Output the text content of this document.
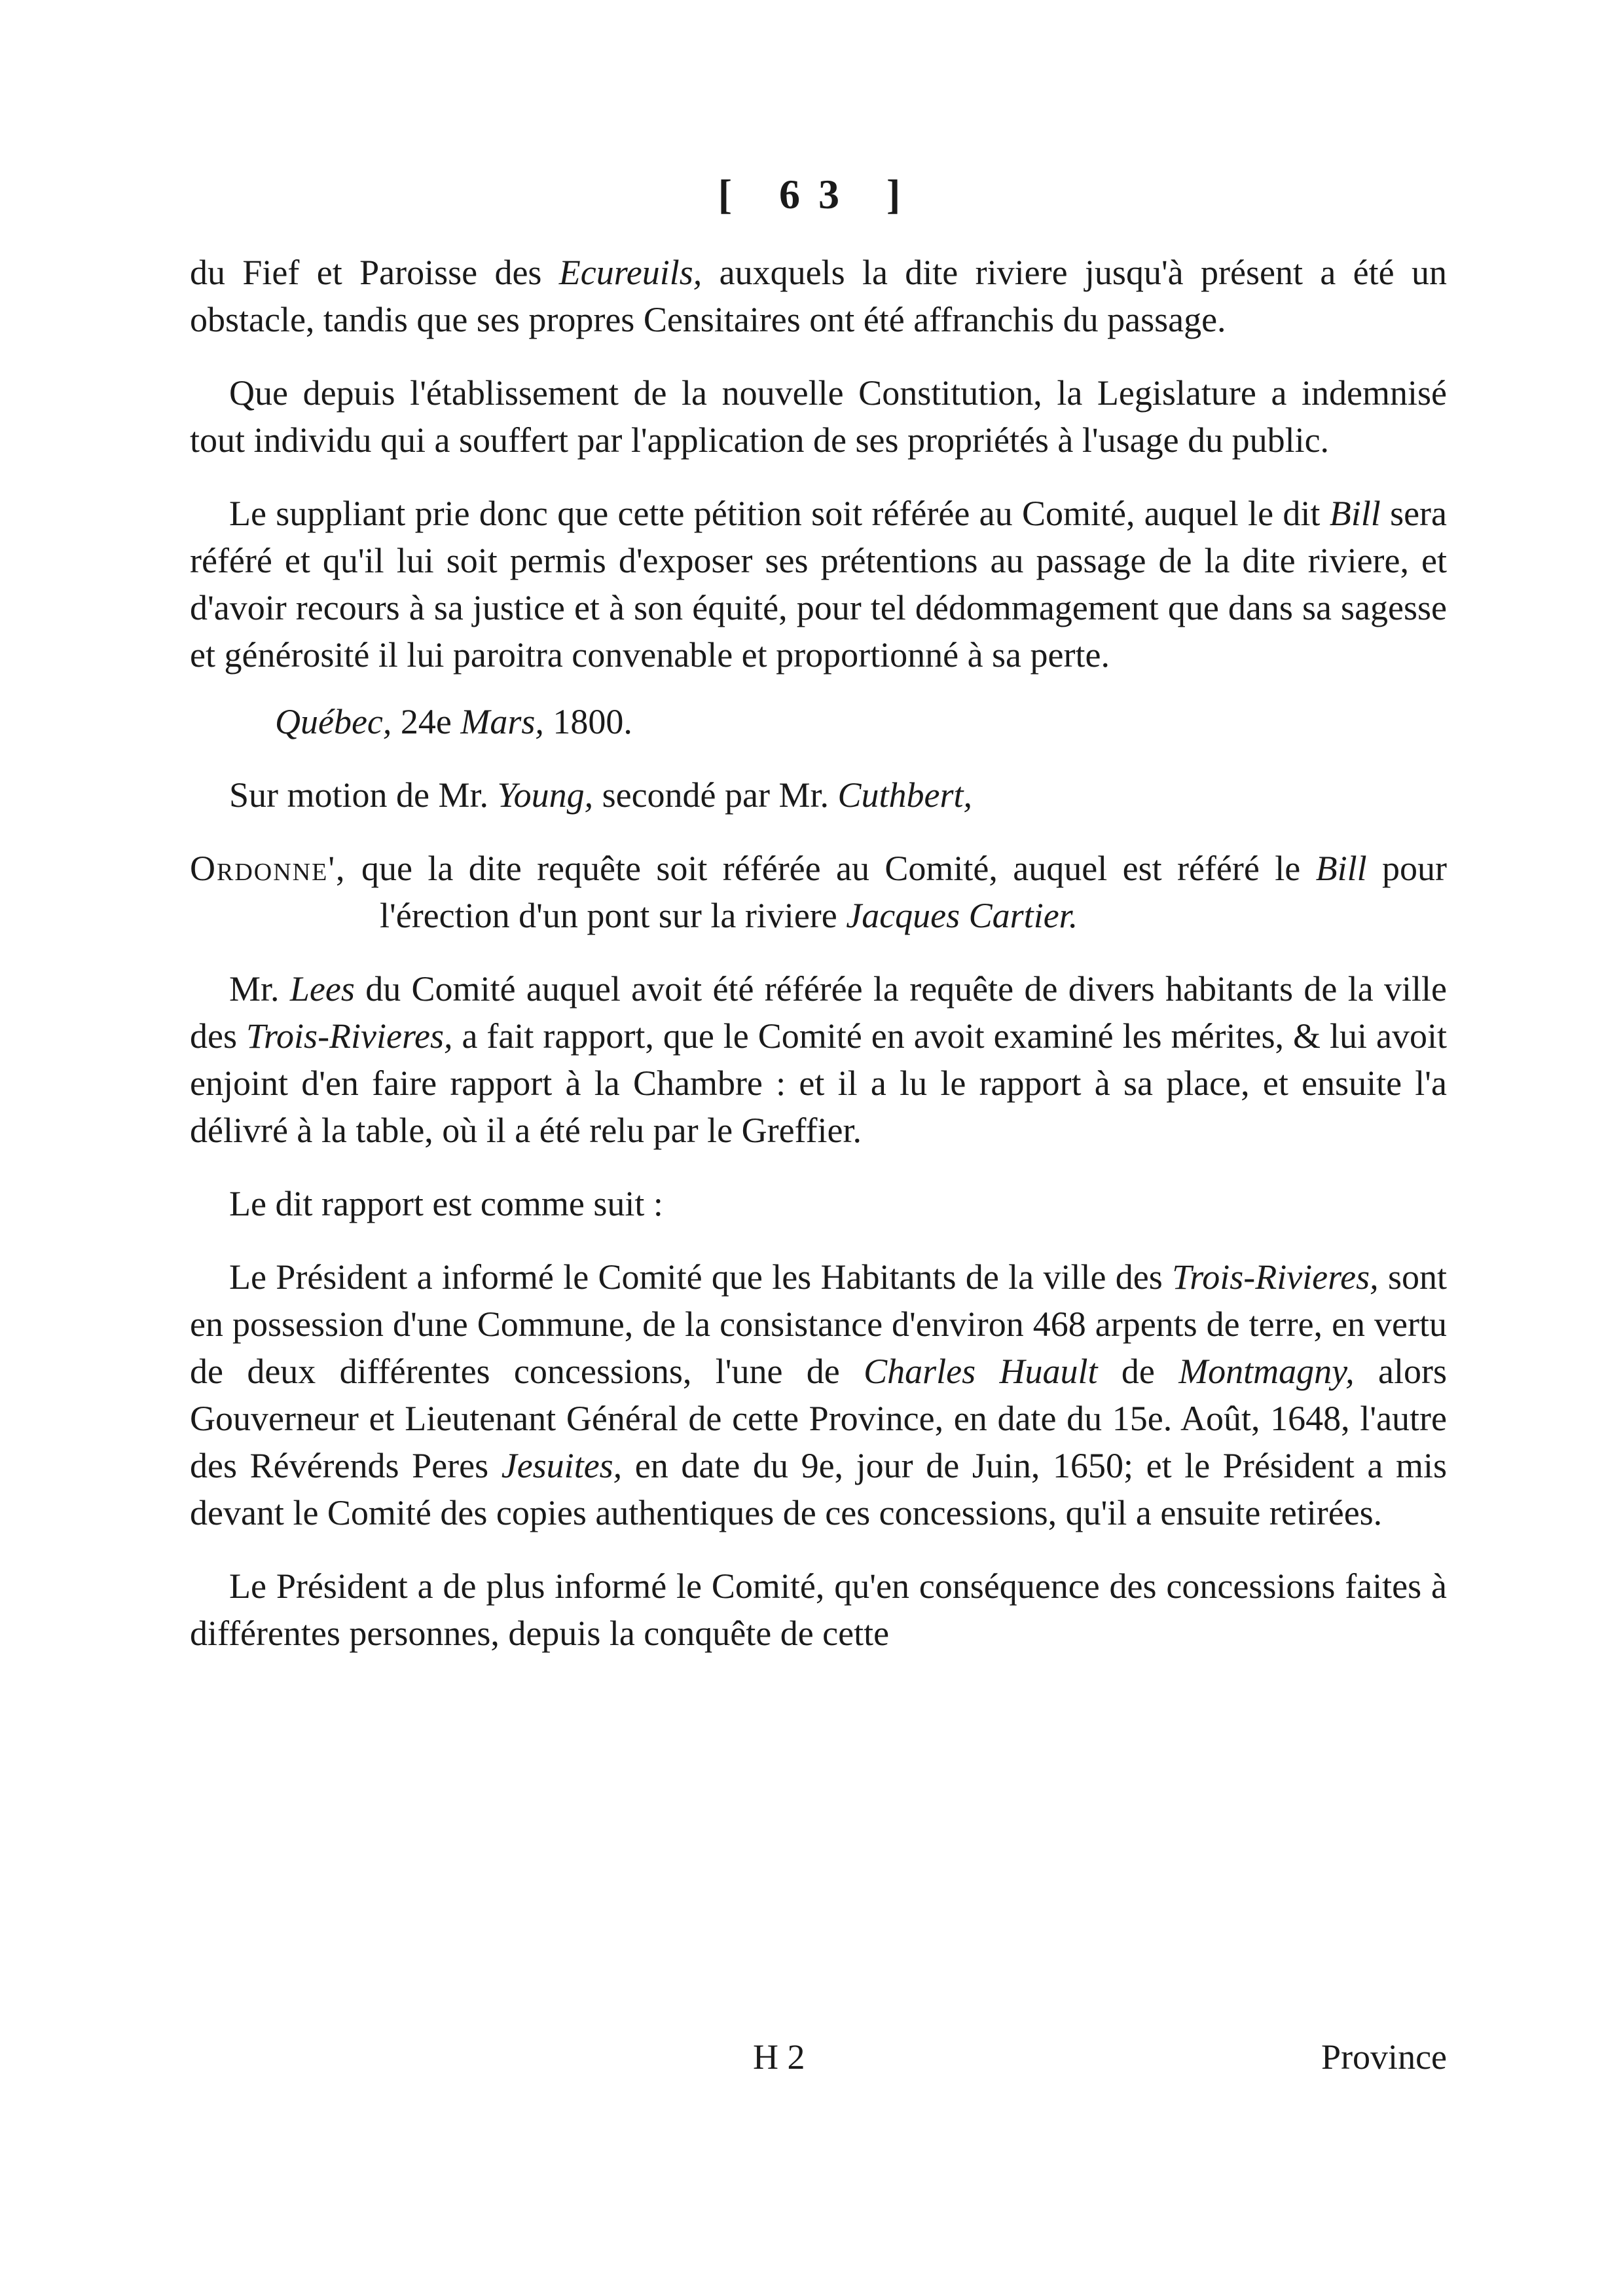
[ 63 ]

du Fief et Paroisse des Ecureuils, auxquels la dite riviere jusqu'à présent a été un obstacle, tandis que ses propres Censitaires ont été affranchis du passage.

Que depuis l'établissement de la nouvelle Constitution, la Legislature a indemnisé tout individu qui a souffert par l'application de ses propriétés à l'usage du public.

Le suppliant prie donc que cette pétition soit référée au Comité, auquel le dit Bill sera référé et qu'il lui soit permis d'exposer ses prétentions au passage de la dite riviere, et d'avoir recours à sa justice et à son équité, pour tel dédommagement que dans sa sagesse et générosité il lui paroitra convenable et proportionné à sa perte.

Québec, 24e Mars, 1800.

Sur motion de Mr. Young, secondé par Mr. Cuthbert,

Ordonne', que la dite requête soit référée au Comité, auquel est référé le Bill pour l'érection d'un pont sur la riviere Jacques Cartier.

Mr. Lees du Comité auquel avoit été référée la requête de divers habitants de la ville des Trois-Rivieres, a fait rapport, que le Comité en avoit examiné les mérites, & lui avoit enjoint d'en faire rapport à la Chambre : et il a lu le rapport à sa place, et ensuite l'a délivré à la table, où il a été relu par le Greffier.

Le dit rapport est comme suit :

Le Président a informé le Comité que les Habitants de la ville des Trois-Rivieres, sont en possession d'une Commune, de la consistance d'environ 468 arpents de terre, en vertu de deux différentes concessions, l'une de Charles Huault de Montmagny, alors Gouverneur et Lieutenant Général de cette Province, en date du 15e. Août, 1648, l'autre des Révérends Peres Jesuites, en date du 9e, jour de Juin, 1650; et le Président a mis devant le Comité des copies authentiques de ces concessions, qu'il a ensuite retirées.

Le Président a de plus informé le Comité, qu'en conséquence des concessions faites à différentes personnes, depuis la conquête de cette

H 2	Province
